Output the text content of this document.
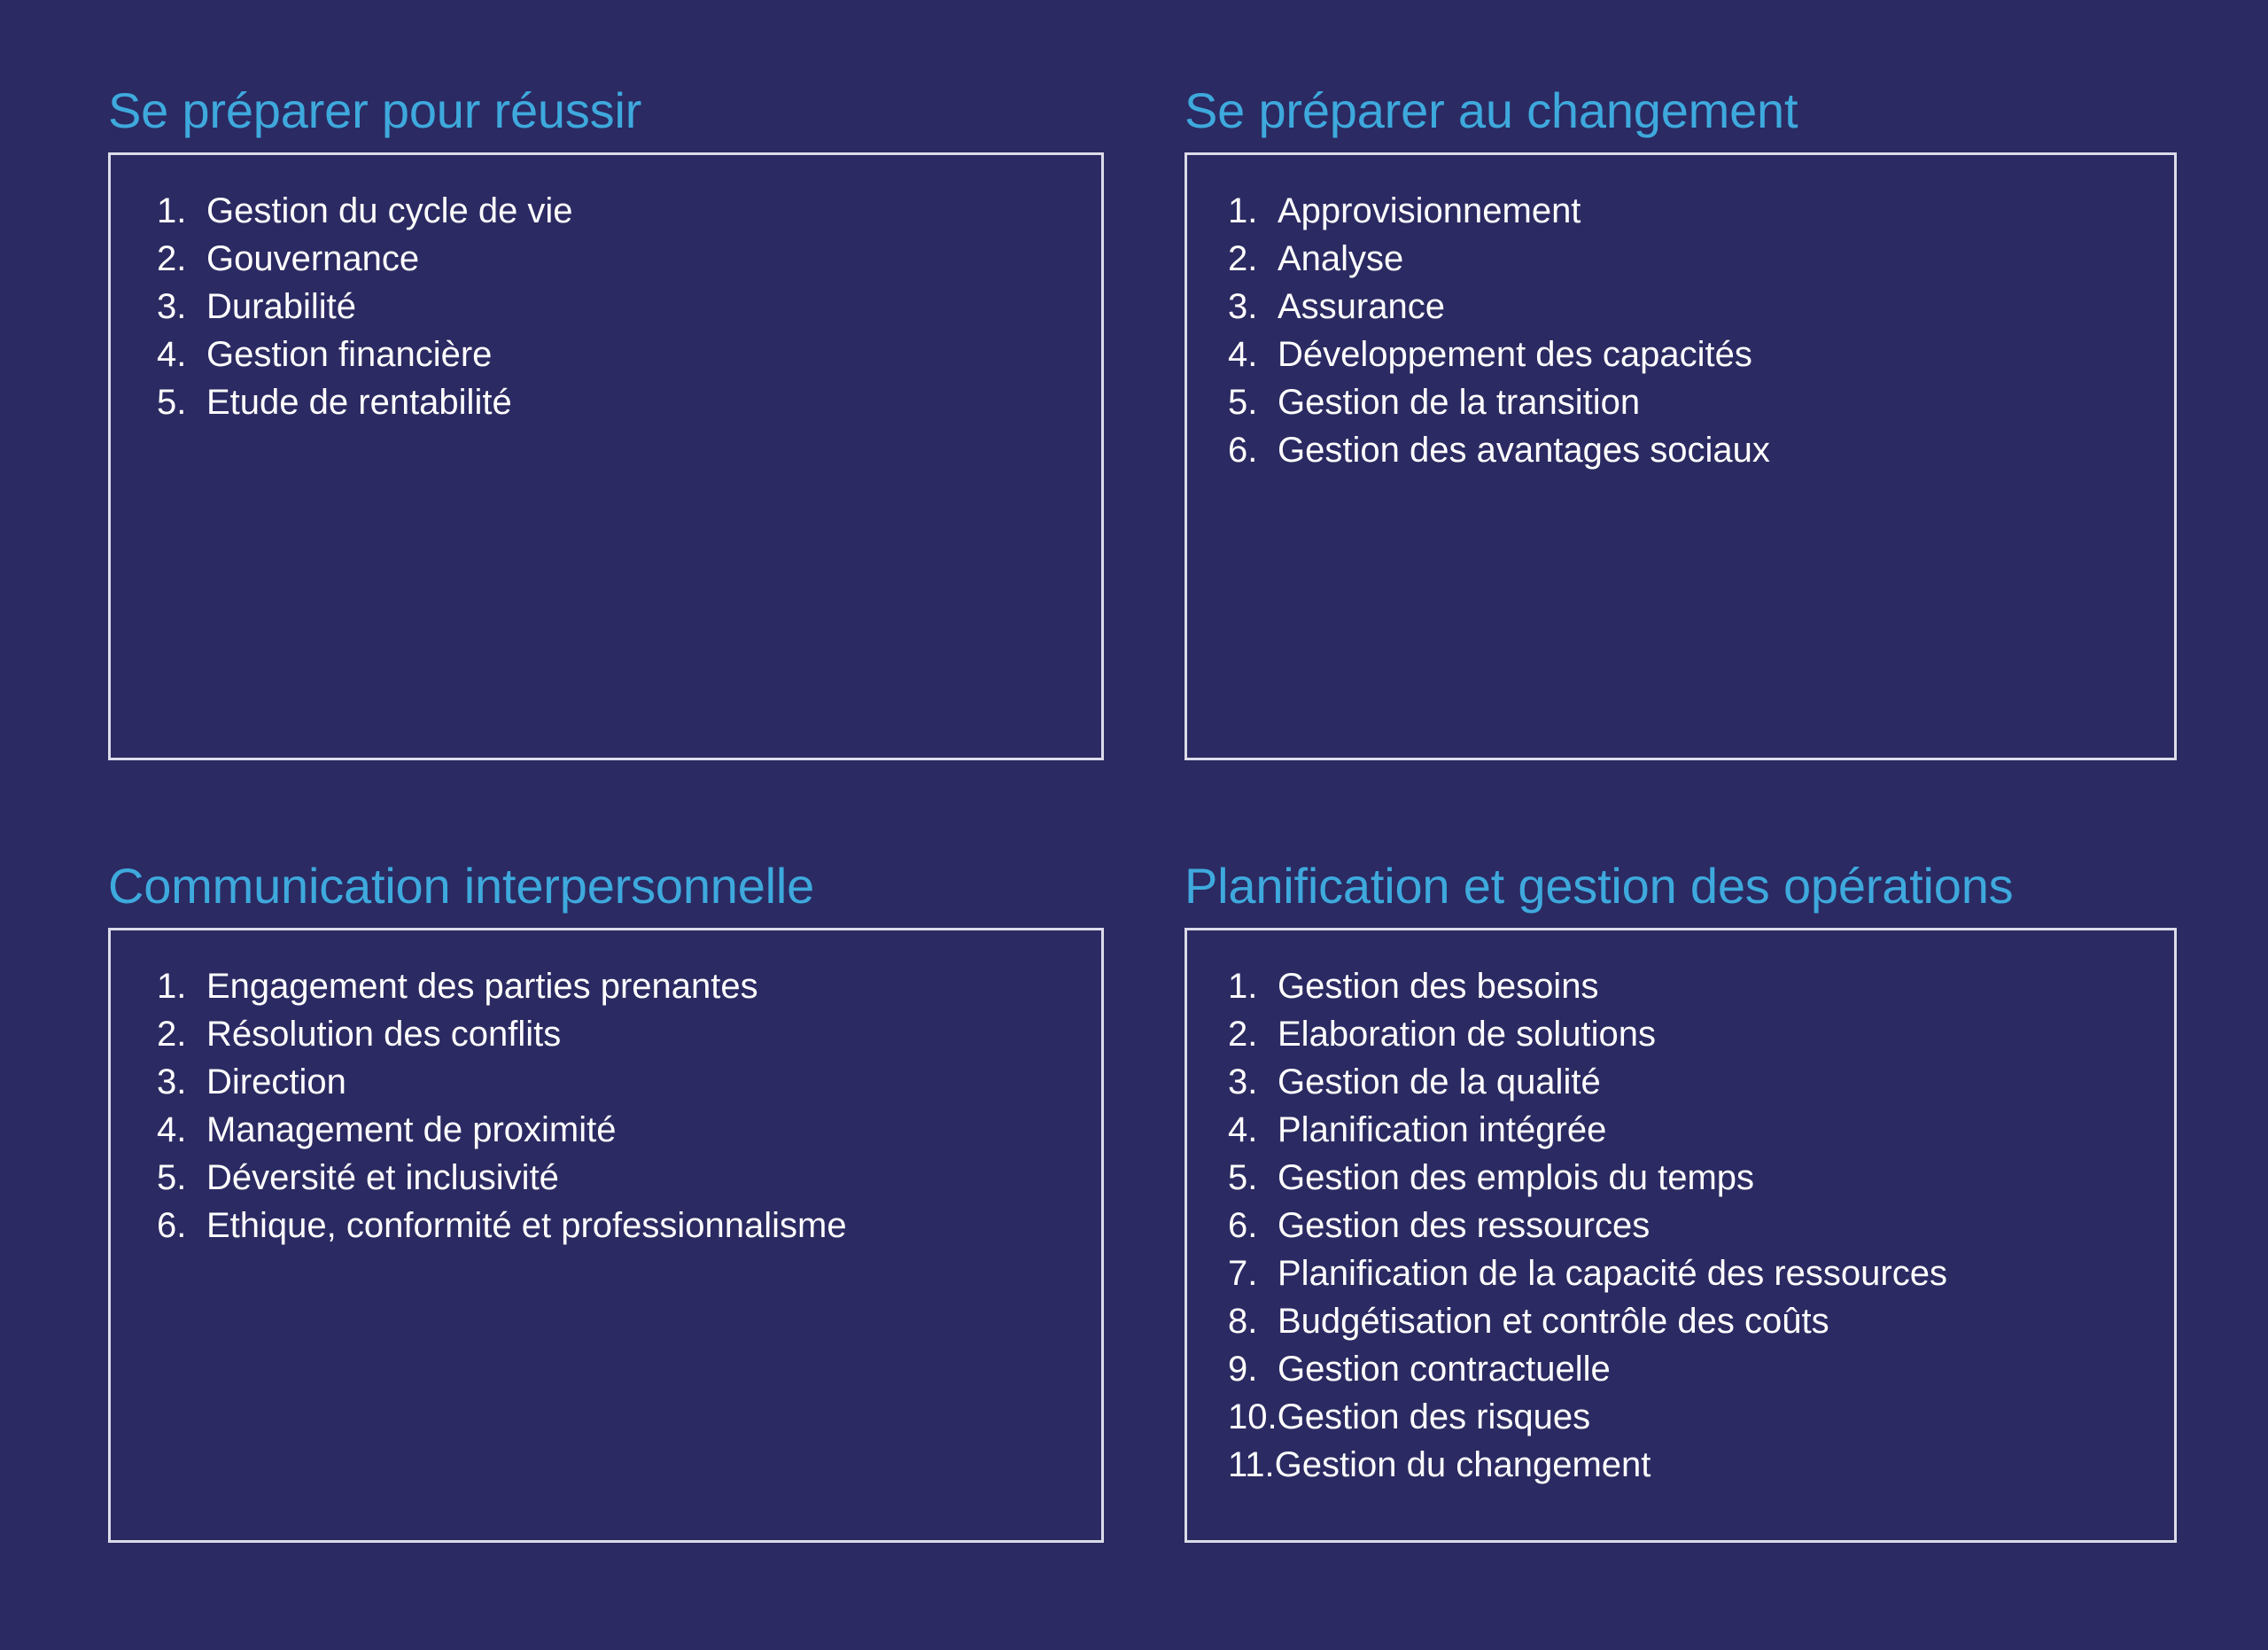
Se préparer pour réussir
1. Gestion du cycle de vie
2. Gouvernance
3. Durabilité
4. Gestion financière
5. Etude de rentabilité
Se préparer au changement
1. Approvisionnement
2. Analyse
3. Assurance
4. Développement des capacités
5. Gestion de la transition
6. Gestion des avantages sociaux
Communication interpersonnelle
1. Engagement des parties prenantes
2. Résolution des conflits
3. Direction
4. Management de proximité
5. Déversité et inclusivité
6. Ethique, conformité et professionnalisme
Planification et gestion des opérations
1. Gestion des besoins
2. Elaboration de solutions
3. Gestion de la qualité
4. Planification intégrée
5. Gestion des emplois du temps
6. Gestion des ressources
7. Planification de la capacité des ressources
8. Budgétisation et contrôle des coûts
9. Gestion contractuelle
10. Gestion des risques
11. Gestion du changement
